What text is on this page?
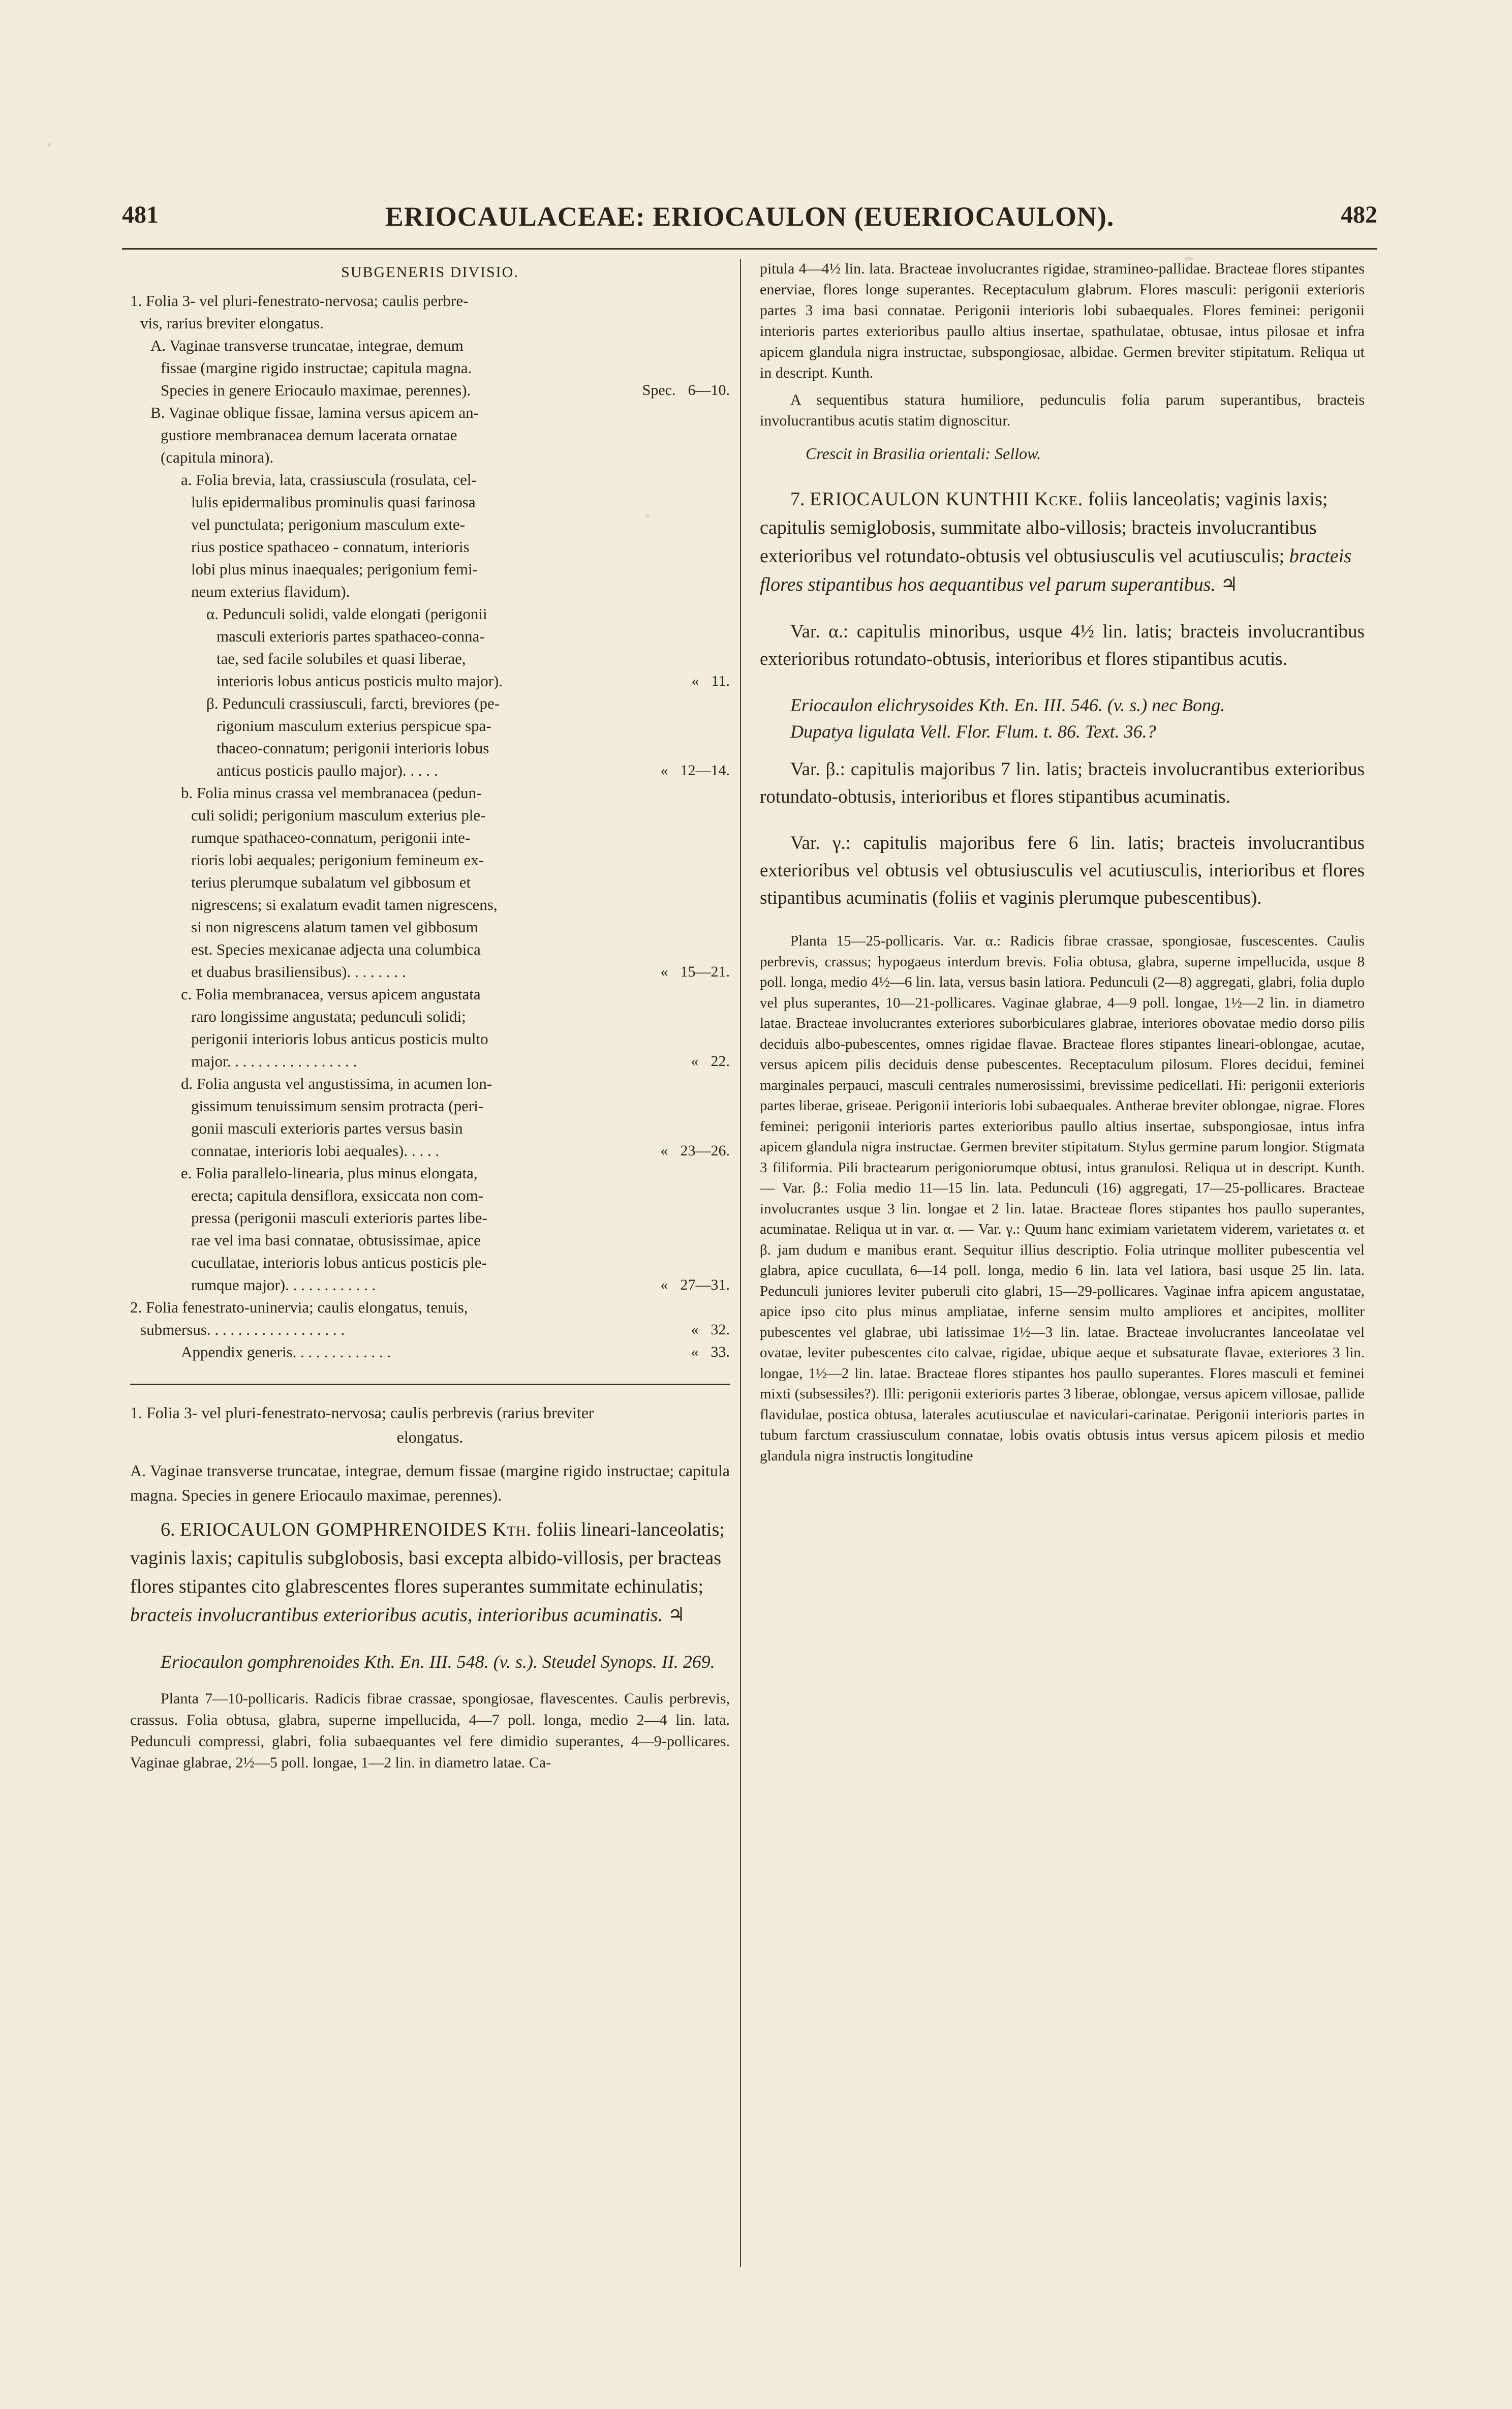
481	ERIOCAULACEAE: ERIOCAULON (EUERIOCAULON).	482
SUBGENERIS DIVISIO.
1. Folia 3- vel pluri-fenestrato-nervosa; caulis perbre-
vis, rarius breviter elongatus.
A. Vaginae transverse truncatae, integrae, demum
fissae (margine rigido instructae; capitula magna.
Species in genere Eriocaulo maximae, perennes).	Spec. 6—10.
B. Vaginae oblique fissae, lamina versus apicem an-
gustiore membranacea demum lacerata ornatae
(capitula minora).
a. Folia brevia, lata, crassiuscula (rosulata, cel-
lulis epidermalibus prominulis quasi farinosa
vel punctulata; perigonium masculum exte-
rius postice spathaceo - connatum, interioris
lobi plus minus inaequales; perigonium femi-
neum exterius flavidum).
α. Pedunculi solidi, valde elongati (perigonii
masculi exterioris partes spathaceo-conna-
tae, sed facile solubiles et quasi liberae,
interioris lobus anticus posticis multo major).	« 11.
β. Pedunculi crassiusculi, farcti, breviores (pe-
rigonium masculum exterius perspicue spa-
thaceo-connatum; perigonii interioris lobus
anticus posticis paullo major). . . . .	« 12—14.
b. Folia minus crassa vel membranacea (pedun-
culi solidi; perigonium masculum exterius ple-
rumque spathaceo-connatum, perigonii inte-
rioris lobi aequales; perigonium femineum ex-
terius plerumque subalatum vel gibbosum et
nigrescens; si exalatum evadit tamen nigrescens,
si non nigrescens alatum tamen vel gibbosum
est. Species mexicanae adjecta una columbica
et duabus brasiliensibus). . . . . . . .	« 15—21.
c. Folia membranacea, versus apicem angustata
raro longissime angustata; pedunculi solidi;
perigonii interioris lobus anticus posticis multo
major. . . . . . . . . . . . . . . . .	« 22.
d. Folia angusta vel angustissima, in acumen lon-
gissimum tenuissimum sensim protracta (peri-
gonii masculi exterioris partes versus basin
connatae, interioris lobi aequales). . . . .	« 23—26.
e. Folia parallelo-linearia, plus minus elongata,
erecta; capitula densiflora, exsiccata non com-
pressa (perigonii masculi exterioris partes libe-
rae vel ima basi connatae, obtusissimae, apice
cucullatae, interioris lobus anticus posticis ple-
rumque major). . . . . . . . . . . .	« 27—31.
2. Folia fenestrato-uninervia; caulis elongatus, tenuis,
submersus. . . . . . . . . . . . . . . . . .	« 32.
Appendix generis. . . . . . . . . . . . .	« 33.

1. Folia 3- vel pluri-fenestrato-nervosa; caulis perbrevis (rarius breviter

elongatus.

A. Vaginae transverse truncatae, integrae, demum fissae (margine rigido instructae; capitula magna. Species in genere Eriocaulo maximae, perennes).

6. ERIOCAULON GOMPHRENOIDES Kth. foliis lineari-lanceolatis; vaginis laxis; capitulis subglobosis, basi excepta albido-villosis, per bracteas flores stipantes cito glabrescentes flores superantes summitate echinulatis; bracteis involucrantibus exterioribus acutis, interioribus acuminatis. ♃

Eriocaulon gomphrenoides Kth. En. III. 548. (v. s.). Steudel Synops. II. 269.

Planta 7—10-pollicaris. Radicis fibrae crassae, spongiosae, flavescentes. Caulis perbrevis, crassus. Folia obtusa, glabra, superne impellucida, 4—7 poll. longa, medio 2—4 lin. lata. Pedunculi compressi, glabri, folia subaequantes vel fere dimidio superantes, 4—9-pollicares. Vaginae glabrae, 2½—5 poll. longae, 1—2 lin. in diametro latae. Ca-

pitula 4—4½ lin. lata. Bracteae involucrantes rigidae, stramineo-pallidae. Bracteae flores stipantes enerviae, flores longe superantes. Receptaculum glabrum. Flores masculi: perigonii exterioris partes 3 ima basi connatae. Perigonii interioris lobi subaequales. Flores feminei: perigonii interioris partes exterioribus paullo altius insertae, spathulatae, obtusae, intus pilosae et infra apicem glandula nigra instructae, subspongiosae, albidae. Germen breviter stipitatum. Reliqua ut in descript. Kunth.

A sequentibus statura humiliore, pedunculis folia parum superantibus, bracteis involucrantibus acutis statim dignoscitur.

Crescit in Brasilia orientali: Sellow.

7. ERIOCAULON KUNTHII Kcke. foliis lanceolatis; vaginis laxis; capitulis semiglobosis, summitate albo-villosis; bracteis involucrantibus exterioribus vel rotundato-obtusis vel obtusiusculis vel acutiusculis; bracteis flores stipantibus hos aequantibus vel parum superantibus. ♃

Var. α.: capitulis minoribus, usque 4½ lin. latis; bracteis involucrantibus exterioribus rotundato-obtusis, interioribus et flores stipantibus acutis.

Eriocaulon elichrysoides Kth. En. III. 546. (v. s.) nec Bong.

Dupatya ligulata Vell. Flor. Flum. t. 86. Text. 36.?

Var. β.: capitulis majoribus 7 lin. latis; bracteis involucrantibus exterioribus rotundato-obtusis, interioribus et flores stipantibus acuminatis.

Var. γ.: capitulis majoribus fere 6 lin. latis; bracteis involucrantibus exterioribus vel obtusis vel obtusiusculis vel acutiusculis, interioribus et flores stipantibus acuminatis (foliis et vaginis plerumque pubescentibus).

Planta 15—25-pollicaris. Var. α.: Radicis fibrae crassae, spongiosae, fuscescentes. Caulis perbrevis, crassus; hypogaeus interdum brevis. Folia obtusa, glabra, superne impellucida, usque 8 poll. longa, medio 4½—6 lin. lata, versus basin latiora. Pedunculi (2—8) aggregati, glabri, folia duplo vel plus superantes, 10—21-pollicares. Vaginae glabrae, 4—9 poll. longae, 1½—2 lin. in diametro latae. Bracteae involucrantes exteriores suborbiculares glabrae, interiores obovatae medio dorso pilis deciduis albo-pubescentes, omnes rigidae flavae. Bracteae flores stipantes lineari-oblongae, acutae, versus apicem pilis deciduis dense pubescentes. Receptaculum pilosum. Flores decidui, feminei marginales perpauci, masculi centrales numerosissimi, brevissime pedicellati. Hi: perigonii exterioris partes liberae, griseae. Perigonii interioris lobi subaequales. Antherae breviter oblongae, nigrae. Flores feminei: perigonii interioris partes exterioribus paullo altius insertae, subspongiosae, intus infra apicem glandula nigra instructae. Germen breviter stipitatum. Stylus germine parum longior. Stigmata 3 filiformia. Pili bractearum perigoniorumque obtusi, intus granulosi. Reliqua ut in descript. Kunth. — Var. β.: Folia medio 11—15 lin. lata. Pedunculi (16) aggregati, 17—25-pollicares. Bracteae involucrantes usque 3 lin. longae et 2 lin. latae. Bracteae flores stipantes hos paullo superantes, acuminatae. Reliqua ut in var. α. — Var. γ.: Quum hanc eximiam varietatem viderem, varietates α. et β. jam dudum e manibus erant. Sequitur illius descriptio. Folia utrinque molliter pubescentia vel glabra, apice cucullata, 6—14 poll. longa, medio 6 lin. lata vel latiora, basi usque 25 lin. lata. Pedunculi juniores leviter puberuli cito glabri, 15—29-pollicares. Vaginae infra apicem angustatae, apice ipso cito plus minus ampliatae, inferne sensim multo ampliores et ancipites, molliter pubescentes vel glabrae, ubi latissimae 1½—3 lin. latae. Bracteae involucrantes lanceolatae vel ovatae, leviter pubescentes cito calvae, rigidae, ubique aeque et subsaturate flavae, exteriores 3 lin. longae, 1½—2 lin. latae. Bracteae flores stipantes hos paullo superantes. Flores masculi et feminei mixti (subsessiles?). Illi: perigonii exterioris partes 3 liberae, oblongae, versus apicem villosae, pallide flavidulae, postica obtusa, laterales acutiusculae et naviculari-carinatae. Perigonii interioris partes in tubum farctum crassiusculum connatae, lobis ovatis obtusis intus versus apicem pilosis et medio glandula nigra instructis longitudine
